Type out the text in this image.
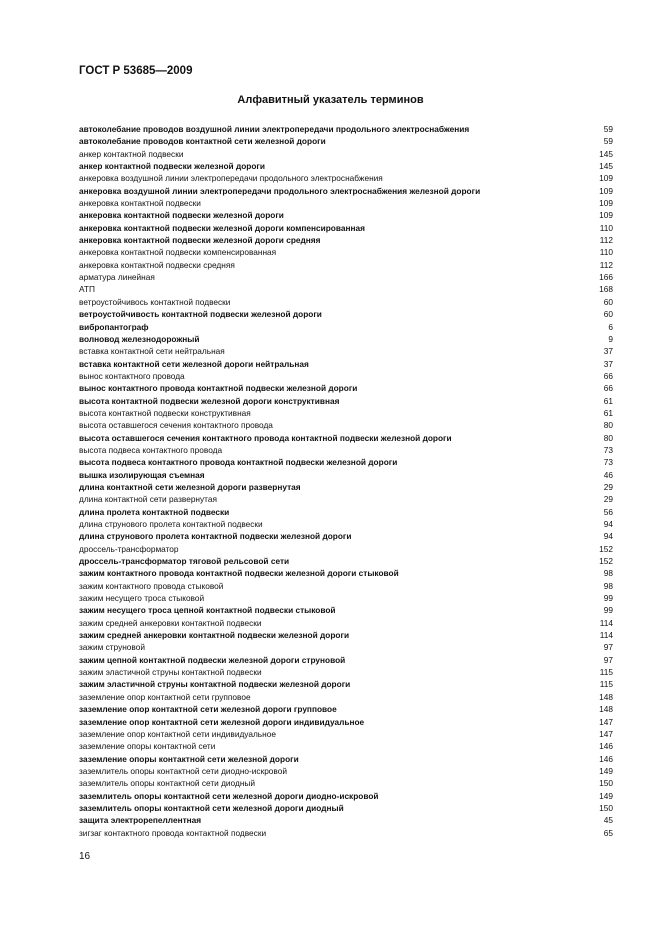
ГОСТ Р 53685—2009
Алфавитный указатель терминов
автоколебание проводов воздушной линии электропередачи продольного электроснабжения	59
автоколебание проводов контактной сети железной дороги	59
анкер контактной подвески	145
анкер контактной подвески железной дороги	145
анкеровка воздушной линии электропередачи продольного электроснабжения	109
анкеровка воздушной линии электропередачи продольного электроснабжения железной дороги	109
анкеровка контактной подвески	109
анкеровка контактной подвески железной дороги	109
анкеровка контактной подвески железной дороги компенсированная	110
анкеровка контактной подвески железной дороги средняя	112
анкеровка контактной подвески компенсированная	110
анкеровка контактной подвески средняя	112
арматура линейная	166
АТП	168
ветроустойчивось контактной подвески	60
ветроустойчивость контактной подвески железной дороги	60
вибропантограф	6
волновод железнодорожный	9
вставка контактной сети нейтральная	37
вставка контактной сети железной дороги нейтральная	37
вынос контактного провода	66
вынос контактного провода контактной подвески железной дороги	66
высота контактной подвески железной дороги конструктивная	61
высота контактной подвески конструктивная	61
высота оставшегося сечения контактного провода	80
высота оставшегося сечения контактного провода контактной подвески железной дороги	80
высота подвеса контактного провода	73
высота подвеса контактного провода контактной подвески железной дороги	73
вышка изолирующая съемная	46
длина контактной сети железной дороги развернутая	29
длина контактной сети развернутая	29
длина пролета контактной подвески	56
длина струнового пролета контактной подвески	94
длина струнового пролета контактной подвески железной дороги	94
дроссель-трансформатор	152
дроссель-трансформатор тяговой рельсовой сети	152
зажим контактного провода контактной подвески железной дороги стыковой	98
зажим контактного провода стыковой	98
зажим несущего троса стыковой	99
зажим несущего троса цепной контактной подвески стыковой	99
зажим средней анкеровки контактной подвески	114
зажим средней анкеровки контактной подвески железной дороги	114
зажим струновой	97
зажим цепной контактной подвески железной дороги струновой	97
зажим эластичной струны контактной подвески	115
зажим эластичной струны контактной подвески железной дороги	115
заземление опор контактной сети групповое	148
заземление опор контактной сети железной дороги групповое	148
заземление опор контактной сети железной дороги индивидуальное	147
заземление опор контактной сети индивидуальное	147
заземление опоры контактной сети	146
заземление опоры контактной сети железной дороги	146
заземлитель опоры контактной сети диодно-искровой	149
заземлитель опоры контактной сети диодный	150
заземлитель опоры контактной сети железной дороги диодно-искровой	149
заземлитель опоры контактной сети железной дороги диодный	150
защита электрорепеллентная	45
зигзаг контактного провода контактной подвески	65
16
